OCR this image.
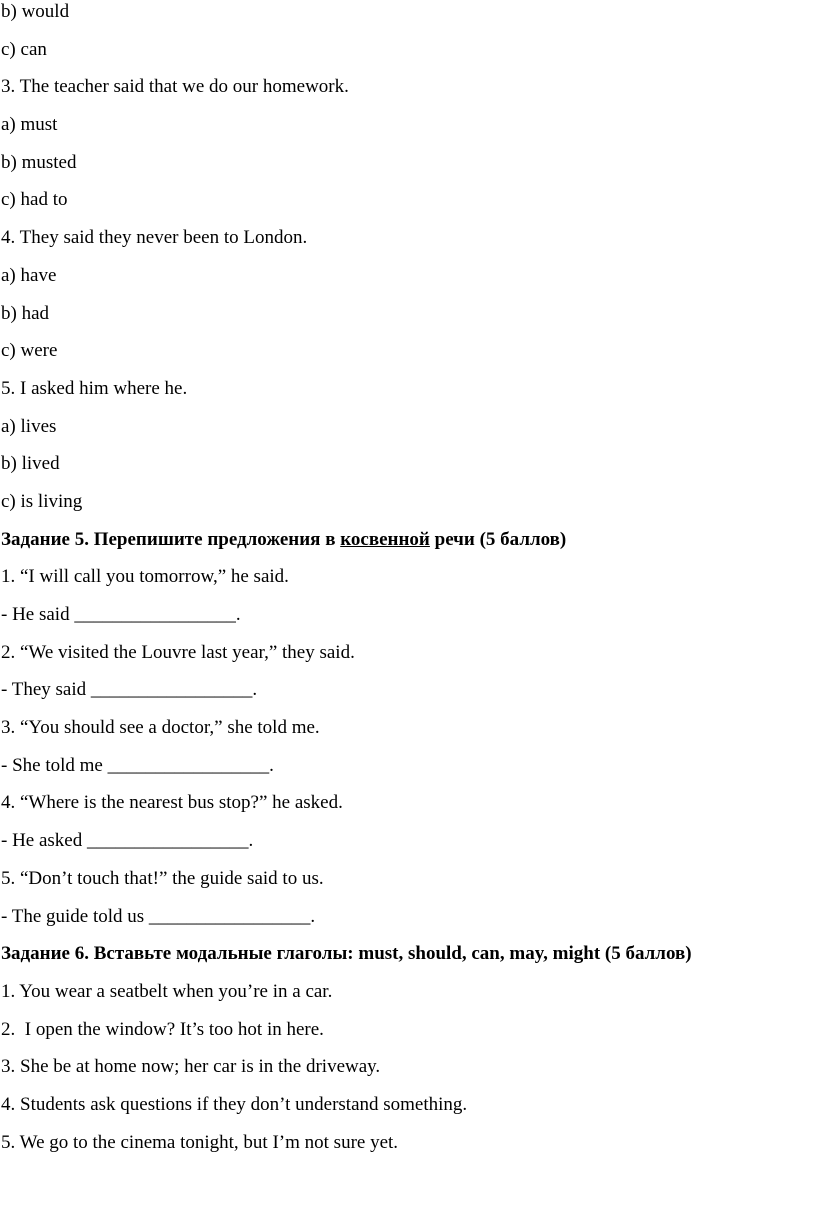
b) would
c) can
3. The teacher said that we do our homework.
a) must
b) musted
c) had to
4. They said they never been to London.
a) have
b) had
c) were
5. I asked him where he.
a) lives
b) lived
c) is living
Задание 5. Перепишите предложения в косвенной речи (5 баллов)
1. “I will call you tomorrow,” he said.
- He said _________________.
2. “We visited the Louvre last year,” they said.
- They said _________________.
3. “You should see a doctor,” she told me.
- She told me _________________.
4. “Where is the nearest bus stop?” he asked.
- He asked _________________.
5. “Don’t touch that!” the guide said to us.
- The guide told us _________________.
Задание 6. Вставьте модальные глаголы: must, should, can, may, might (5 баллов)
1. You wear a seatbelt when you’re in a car.
2.  I open the window? It’s too hot in here.
3. She be at home now; her car is in the driveway.
4. Students ask questions if they don’t understand something.
5. We go to the cinema tonight, but I’m not sure yet.
